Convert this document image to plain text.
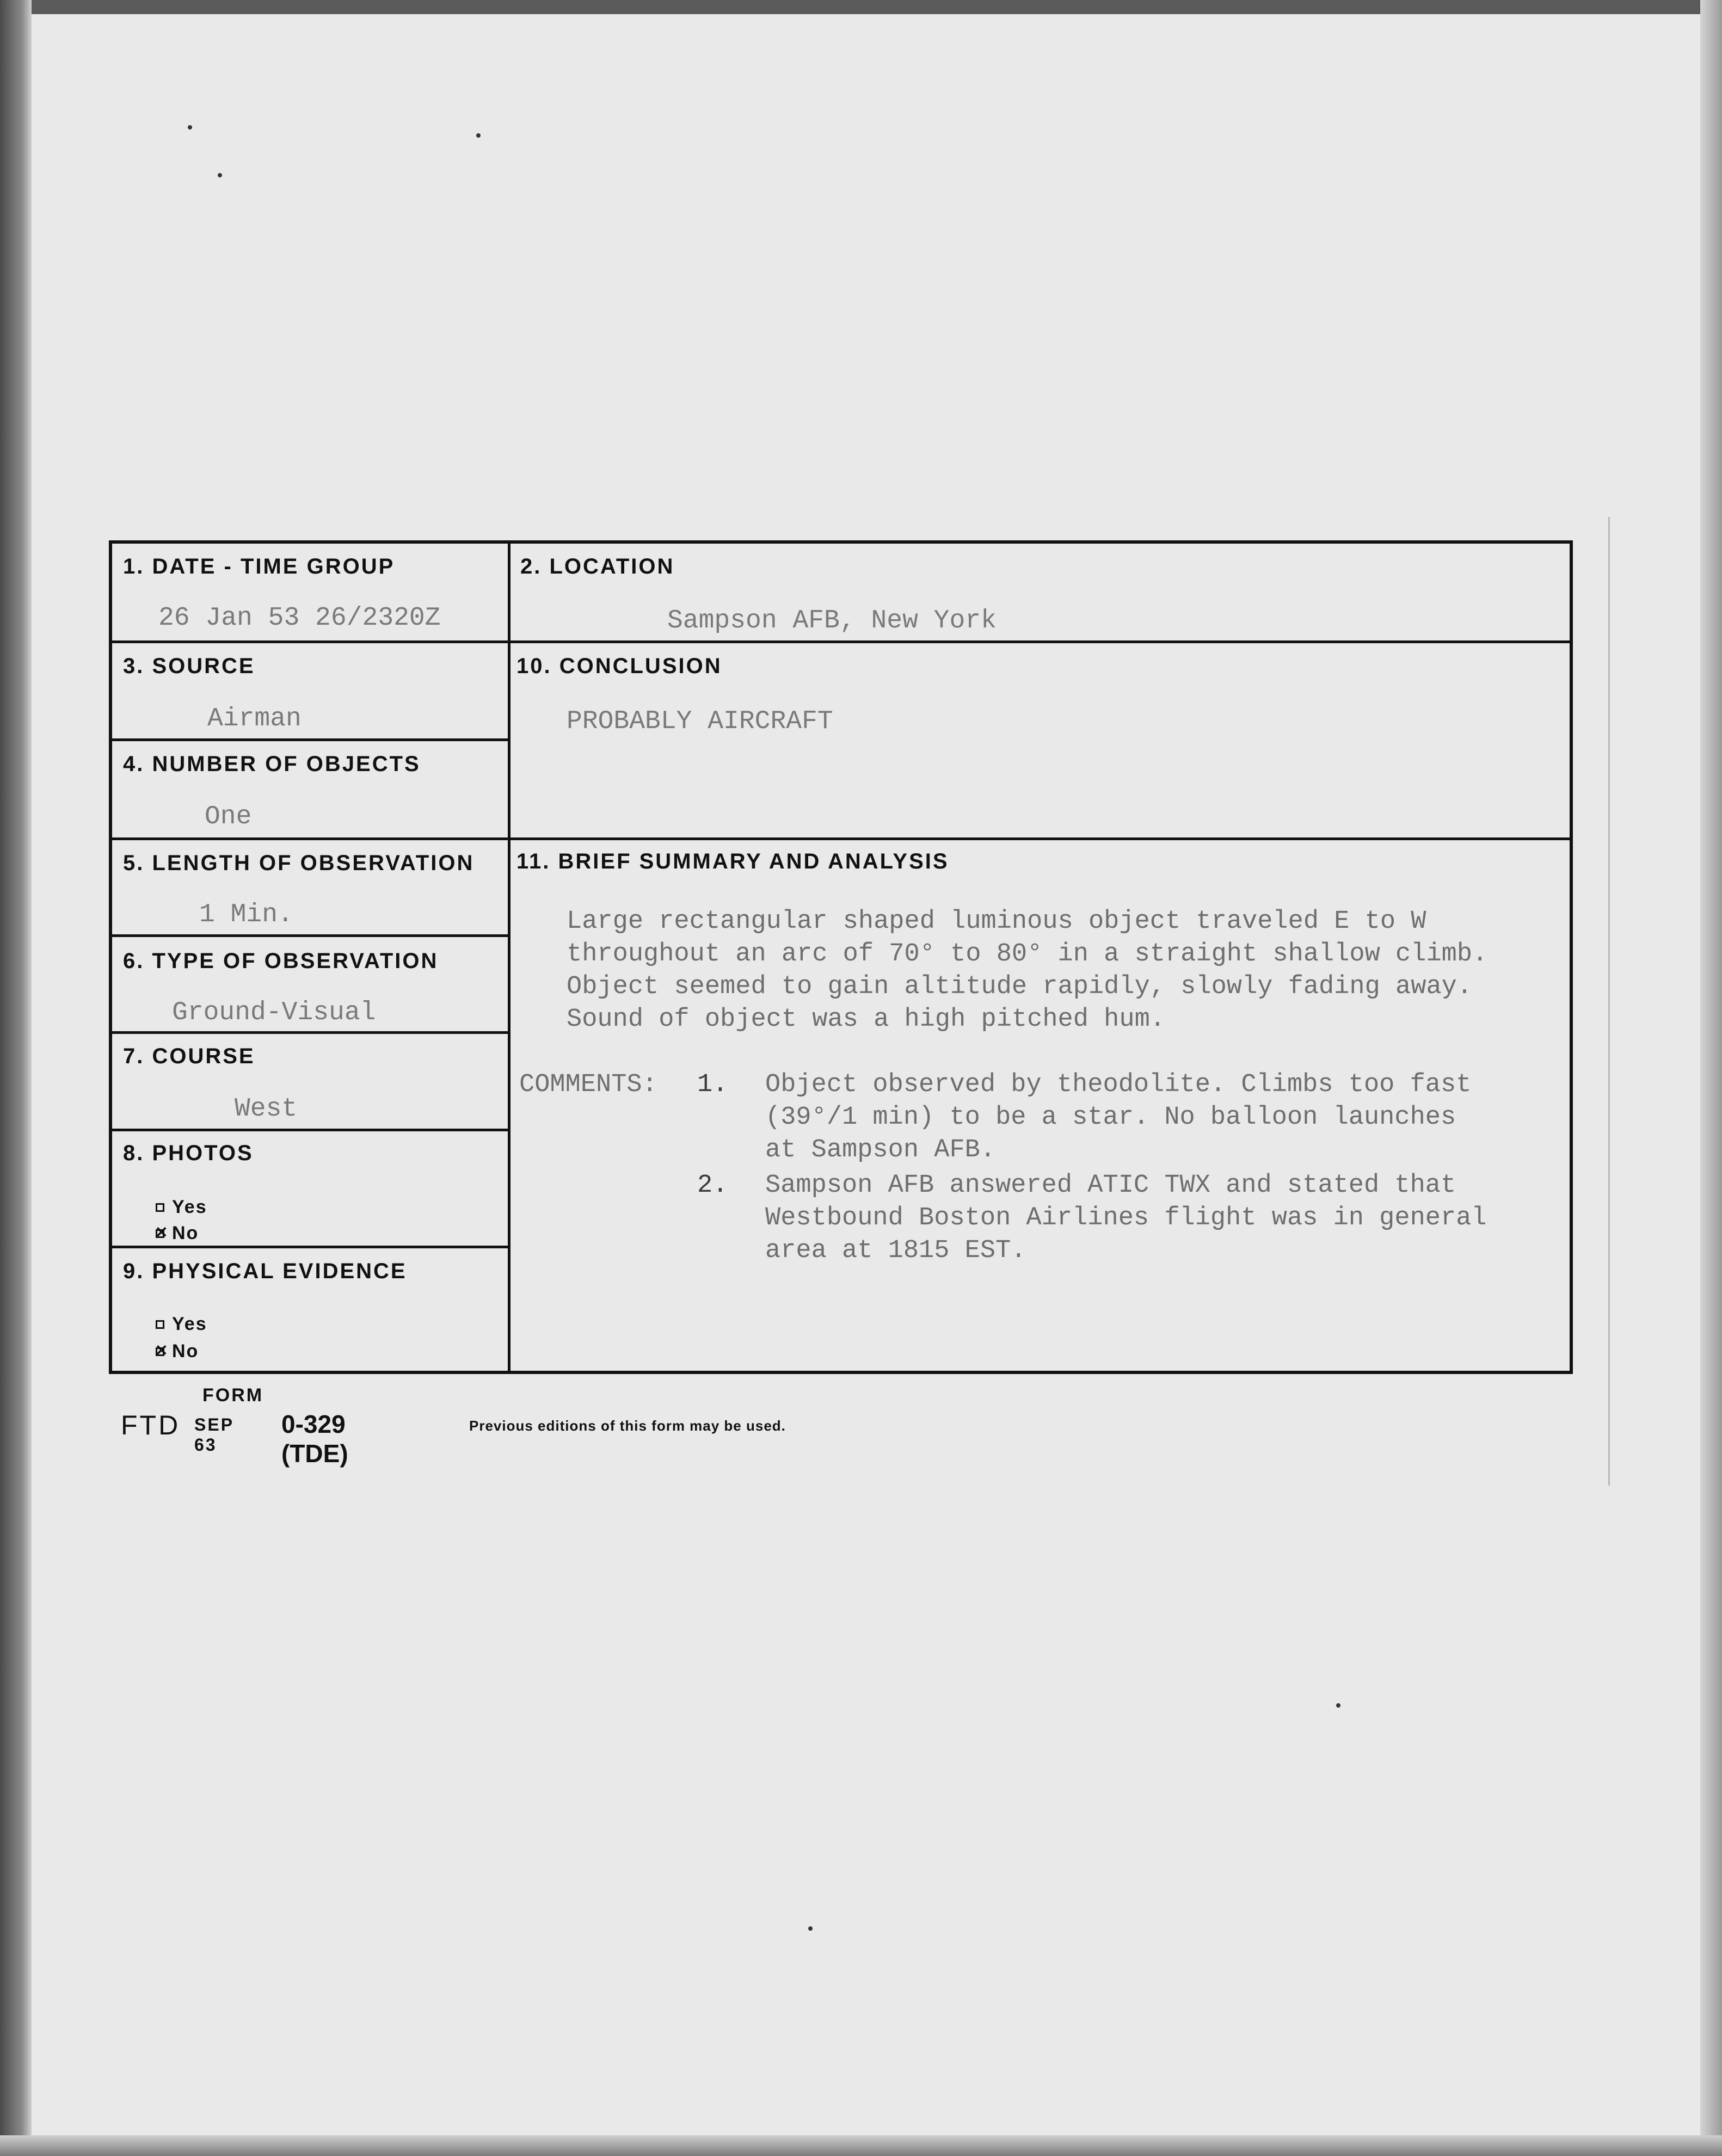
1. DATE - TIME GROUP
26 Jan 53 26/2320Z
2. LOCATION
Sampson AFB, New York
3. SOURCE
Airman
4. NUMBER OF OBJECTS
One
5. LENGTH OF OBSERVATION
1 Min.
6. TYPE OF OBSERVATION
Ground-Visual
7. COURSE
West
8. PHOTOS
Yes
✕
No
9. PHYSICAL EVIDENCE
Yes
✕
No
10. CONCLUSION
PROBABLY AIRCRAFT
11. BRIEF SUMMARY AND ANALYSIS
Large rectangular shaped luminous object traveled E to W
throughout an arc of 70° to 80° in a straight shallow climb.
Object seemed to gain altitude rapidly, slowly fading away.
Sound of object was a high pitched hum.
COMMENTS: 1. Object observed by theodolite. Climbs too fast
(39°/1 min) to be a star. No balloon launches
at Sampson AFB.
2. Sampson AFB answered ATIC TWX and stated that
Westbound Boston Airlines flight was in general
area at 1815 EST.
FORM
FTD SEP 63
0-329 (TDE)
Previous editions of this form may be used.
